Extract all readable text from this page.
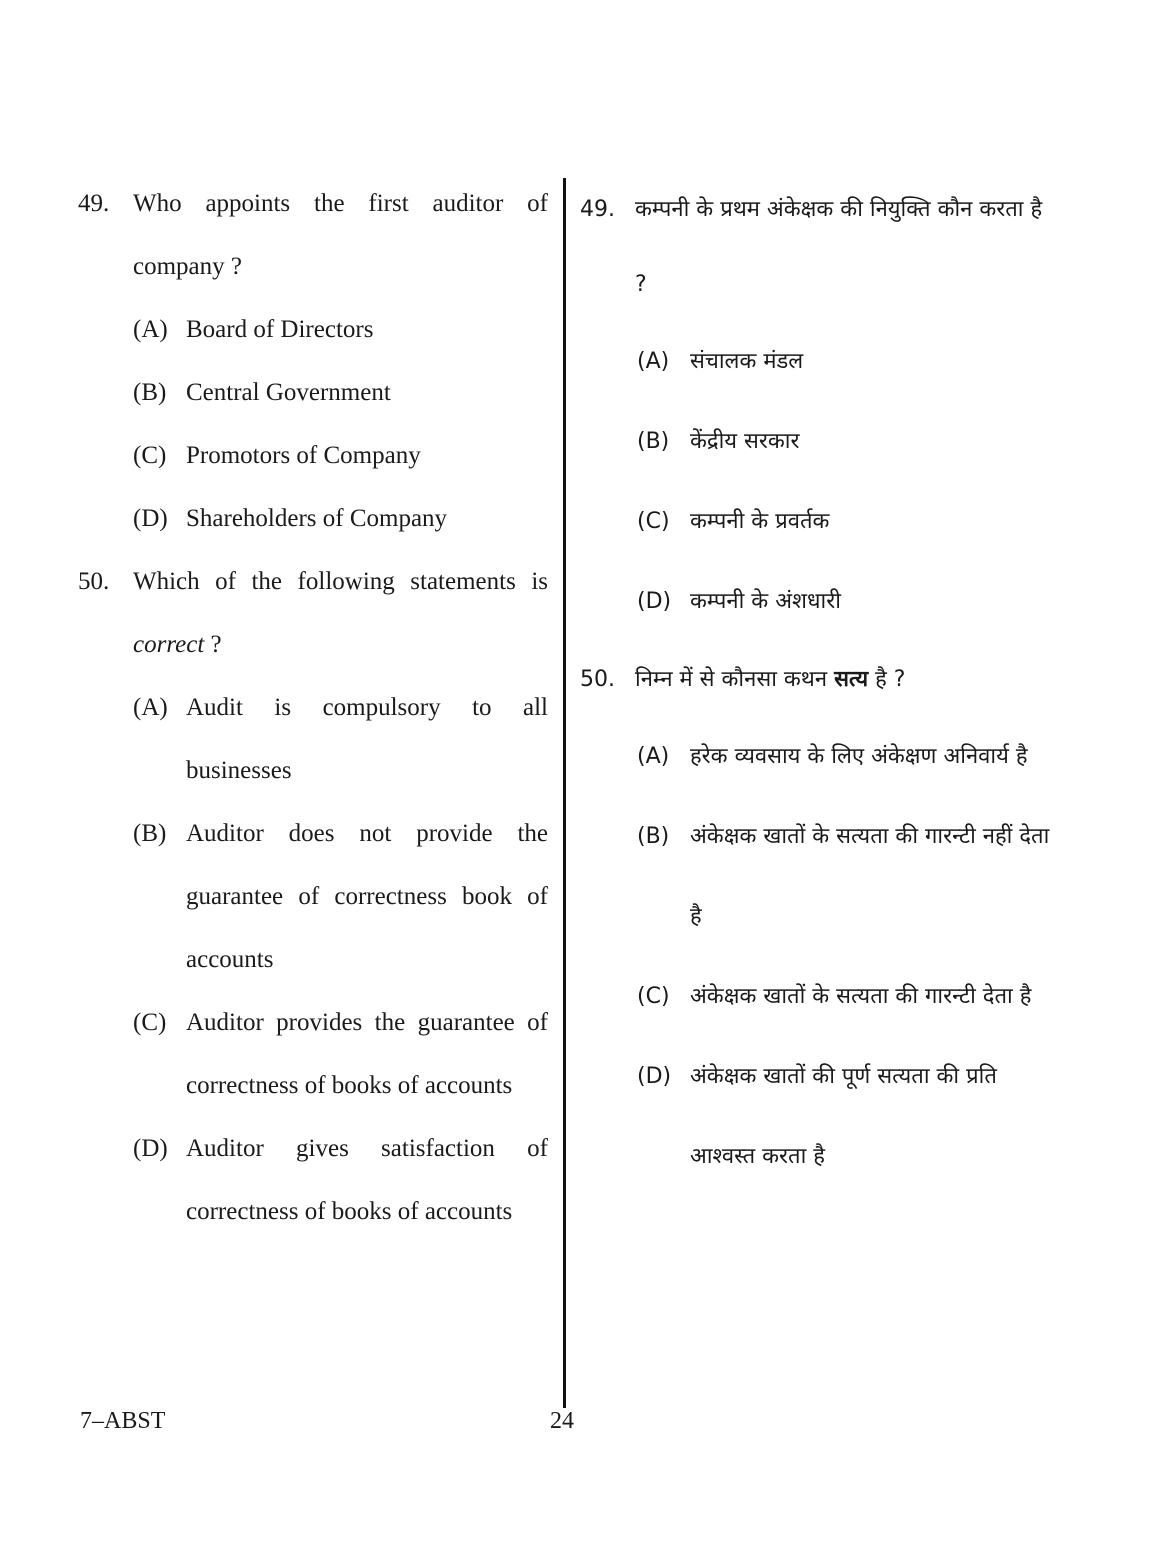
49. Who appoints the first auditor of company ?
(A) Board of Directors
(B) Central Government
(C) Promotors of Company
(D) Shareholders of Company
50. Which of the following statements is correct ?
(A) Audit is compulsory to all businesses
(B) Auditor does not provide the guarantee of correctness book of accounts
(C) Auditor provides the guarantee of correctness of books of accounts
(D) Auditor gives satisfaction of correctness of books of accounts
49. कम्पनी के प्रथम अंकेक्षक की नियुक्ति कौन करता है ?
(A) संचालक मंडल
(B) केंद्रीय सरकार
(C) कम्पनी के प्रवर्तक
(D) कम्पनी के अंशधारी
50. निम्न में से कौनसा कथन सत्य है ?
(A) हरेक व्यवसाय के लिए अंकेक्षण अनिवार्य है
(B) अंकेक्षक खातों के सत्यता की गारन्टी नहीं देता है
(C) अंकेक्षक खातों के सत्यता की गारन्टी देता है
(D) अंकेक्षक खातों की पूर्ण सत्यता की प्रति आश्वस्त करता है
7–ABST	24
